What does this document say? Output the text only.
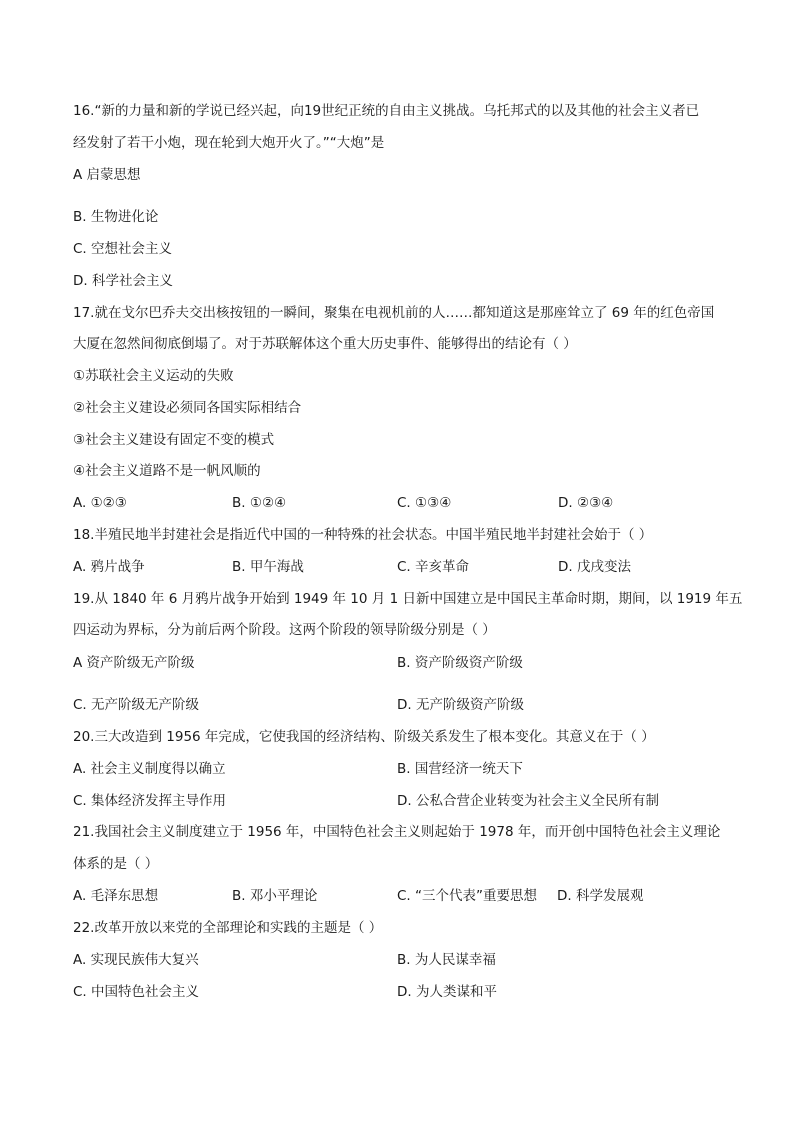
16.“新的力量和新的学说已经兴起，向19世纪正统的自由主义挑战。乌托邦式的以及其他的社会主义者已
经发射了若干小炮，现在轮到大炮开火了。”“大炮”是
A 启蒙思想
B. 生物进化论
C. 空想社会主义
D. 科学社会主义
17.就在戈尔巴乔夫交出核按钮的一瞬间，聚集在电视机前的人……都知道这是那座耸立了 69 年的红色帝国
大厦在忽然间彻底倒塌了。对于苏联解体这个重大历史事件、能够得出的结论有（ ）
①苏联社会主义运动的失败
②社会主义建设必须同各国实际相结合
③社会主义建设有固定不变的模式
④社会主义道路不是一帆风顺的
A. ①②③	B. ①②④	C. ①③④	D. ②③④
18.半殖民地半封建社会是指近代中国的一种特殊的社会状态。中国半殖民地半封建社会始于（ ）
A. 鸦片战争	B. 甲午海战	C. 辛亥革命	D. 戊戌变法
19.从 1840 年 6 月鸦片战争开始到 1949 年 10 月 1 日新中国建立是中国民主革命时期，期间，以 1919 年五
四运动为界标，分为前后两个阶段。这两个阶段的领导阶级分别是（ ）
A 资产阶级无产阶级	B. 资产阶级资产阶级
C. 无产阶级无产阶级	D. 无产阶级资产阶级
20.三大改造到 1956 年完成，它使我国的经济结构、阶级关系发生了根本变化。其意义在于（ ）
A. 社会主义制度得以确立	B. 国营经济一统天下
C. 集体经济发挥主导作用	D. 公私合营企业转变为社会主义全民所有制
21.我国社会主义制度建立于 1956 年，中国特色社会主义则起始于 1978 年，而开创中国特色社会主义理论
体系的是（ ）
A. 毛泽东思想	B. 邓小平理论	C. “三个代表”重要思想 D. 科学发展观
22.改革开放以来党的全部理论和实践的主题是（ ）
A. 实现民族伟大复兴	B. 为人民谋幸福
C. 中国特色社会主义	D. 为人类谋和平
